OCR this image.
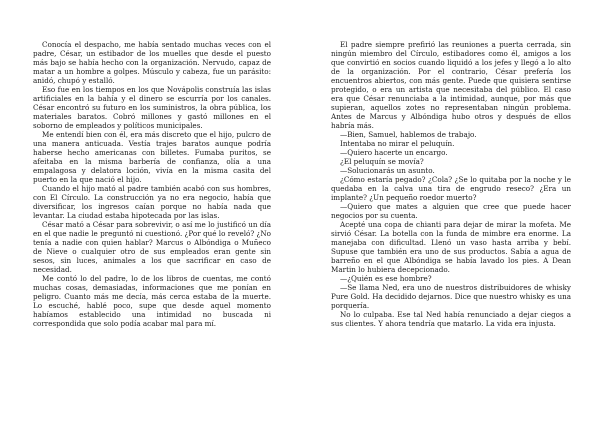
Conocía el despacho, me había sentado muchas veces con el padre, César, un estibador de los muelles que desde el puesto más bajo se había hecho con la organización. Nervudo, capaz de matar a un hombre a golpes. Músculo y cabeza, fue un parásito: anidó, chupó y estalló.

Eso fue en los tiempos en los que Novápolis construía las islas artificiales en la bahía y el dinero se escurría por los canales. César encontró su futuro en los suministros, la obra pública, los materiales baratos. Cobró millones y gastó millones en el soborno de empleados y políticos municipales.

Me entendí bien con él, era más discreto que el hijo, pulcro de una manera anticuada. Vestía trajes baratos aunque podría haberse hecho americanas con billetes. Fumaba puritos, se afeitaba en la misma barbería de confianza, olía a una empalagosa y delatora loción, vivía en la misma casita del puerto en la que nació el hijo.

Cuando el hijo mató al padre también acabó con sus hombres, con El Círculo. La construcción ya no era negocio, había que diversificar, los ingresos caían porque no había nada que levantar. La ciudad estaba hipotecada por las islas.

César mató a César para sobrevivir, o así me lo justificó un día en el que nadie le preguntó ni cuestionó. ¿Por qué lo reveló? ¿No tenía a nadie con quien hablar? Marcus o Albóndiga o Muñeco de Nieve o cualquier otro de sus empleados eran gente sin sesos, sin luces, animales a los que sacrificar en caso de necesidad.

Me contó lo del padre, lo de los libros de cuentas, me contó muchas cosas, demasiadas, informaciones que me ponían en peligro. Cuanto más me decía, más cerca estaba de la muerte. Lo escuché, hablé poco, supe que desde aquel momento habíamos establecido una intimidad no buscada ni correspondida que solo podía acabar mal para mí.

El padre siempre prefirió las reuniones a puerta cerrada, sin ningún miembro del Círculo, estibadores como él, amigos a los que convirtió en socios cuando liquidó a los jefes y llegó a lo alto de la organización. Por el contrario, César prefería los encuentros abiertos, con más gente. Puede que quisiera sentirse protegido, o era un artista que necesitaba del público. El caso era que César renunciaba a la intimidad, aunque, por más que supieran, aquellos zotes no representaban ningún problema. Antes de Marcus y Albóndiga hubo otros y después de ellos habría más.

—Bien, Samuel, hablemos de trabajo.

Intentaba no mirar el peluquín.

—Quiero hacerte un encargo.

¿El peluquín se movía?

—Solucionarás un asunto.

¿Cómo estaría pegado? ¿Cola? ¿Se lo quitaba por la noche y le quedaba en la calva una tira de engrudo reseco? ¿Era un implante? ¿Un pequeño roedor muerto?

—Quiero que mates a alguien que cree que puede hacer negocios por su cuenta.

Acepté una copa de chianti para dejar de mirar la mofeta. Me sirvió César. La botella con la funda de mimbre era enorme. La manejaba con dificultad. Llenó un vaso hasta arriba y bebí. Supuse que también era uno de sus productos. Sabía a agua de barreño en el que Albóndiga se había lavado los pies. A Dean Martin lo hubiera decepcionado.

—¿Quién es ese hombre?

—Se llama Ned, era uno de nuestros distribuidores de whisky Pure Gold. Ha decidido dejarnos. Dice que nuestro whisky es una porquería.

No lo culpaba. Ese tal Ned había renunciado a dejar ciegos a sus clientes. Y ahora tendría que matarlo. La vida era injusta.
